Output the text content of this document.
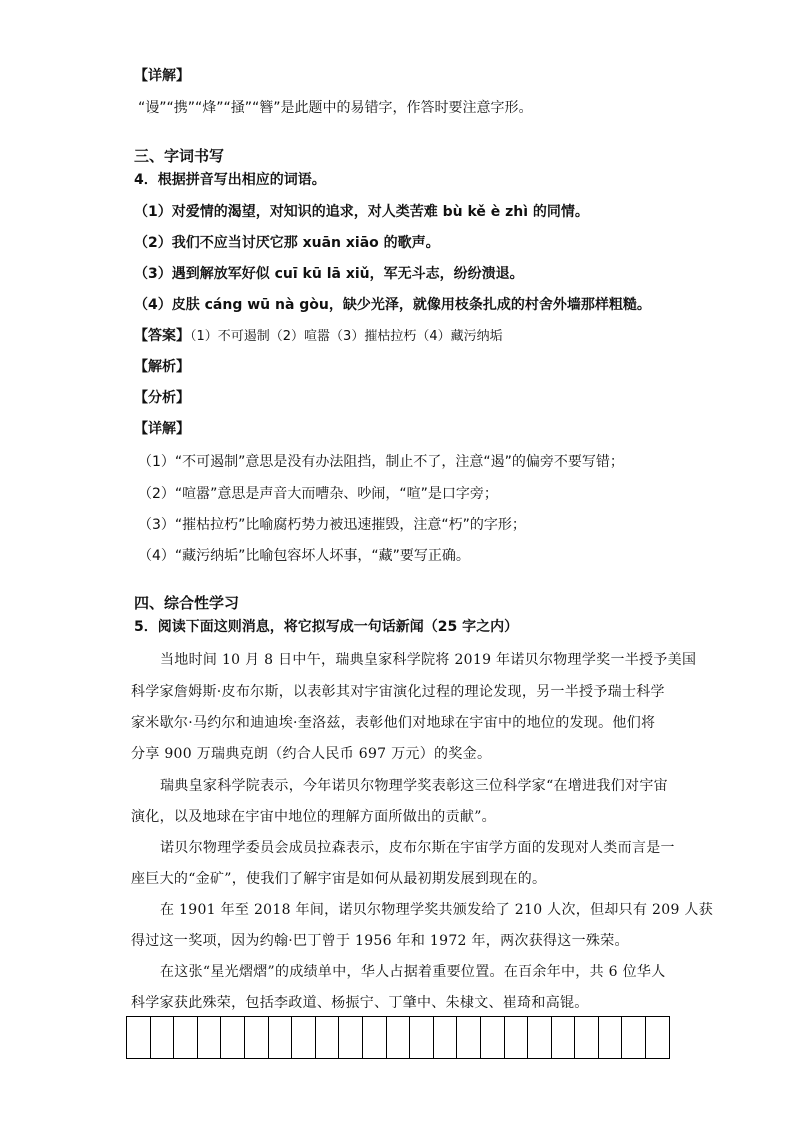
【详解】
“谩”“携”“烽”“掻”“簪”是此题中的易错字，作答时要注意字形。
三、字词书写
4．根据拼音写出相应的词语。
（1）对爱情的渴望，对知识的追求，对人类苦难 bù kě è zhì 的同情。
（2）我们不应当讨厌它那 xuān xiāo 的歌声。
（3）遇到解放军好似 cuī kū lā xiǔ，军无斗志，纷纷溃退。
（4）皮肤 cáng wū nà gòu，缺少光泽，就像用枝条扎成的村舍外墙那样粗糙。
【答案】（1）不可遏制（2）喧嚣（3）摧枯拉朽（4）藏污纳垢
【解析】
【分析】
【详解】
（1）“不可遏制”意思是没有办法阻挡，制止不了，注意“遏”的偏旁不要写错；
（2）“喧嚣”意思是声音大而嘈杂、吵闹，“喧”是口字旁；
（3）“摧枯拉朽”比喻腐朽势力被迅速摧毁，注意“朽”的字形；
（4）“藏污纳垢”比喻包容坏人坏事，“藏”要写正确。
四、综合性学习
5．阅读下面这则消息，将它拟写成一句话新闻（25 字之内）
当地时间 10 月 8 日中午，瑞典皇家科学院将 2019 年诺贝尔物理学奖一半授予美国
科学家詹姆斯·皮布尔斯，以表彰其对宇宙演化过程的理论发现，另一半授予瑞士科学
家米歇尔·马约尔和迪迪埃·奎洛兹，表彰他们对地球在宇宙中的地位的发现。他们将
分享 900 万瑞典克朗（约合人民币 697 万元）的奖金。
瑞典皇家科学院表示，今年诺贝尔物理学奖表彰这三位科学家“在增进我们对宇宙
演化，以及地球在宇宙中地位的理解方面所做出的贡献”。
诺贝尔物理学委员会成员拉森表示，皮布尔斯在宇宙学方面的发现对人类而言是一
座巨大的“金矿”，使我们了解宇宙是如何从最初期发展到现在的。
在 1901 年至 2018 年间，诺贝尔物理学奖共颁发给了 210 人次，但却只有 209 人获
得过这一奖项，因为约翰·巴丁曾于 1956 年和 1972 年，两次获得这一殊荣。
在这张“星光熠熠”的成绩单中，华人占据着重要位置。在百余年中，共 6 位华人
科学家获此殊荣，包括李政道、杨振宁、丁肇中、朱棣文、崔琦和高锟。
